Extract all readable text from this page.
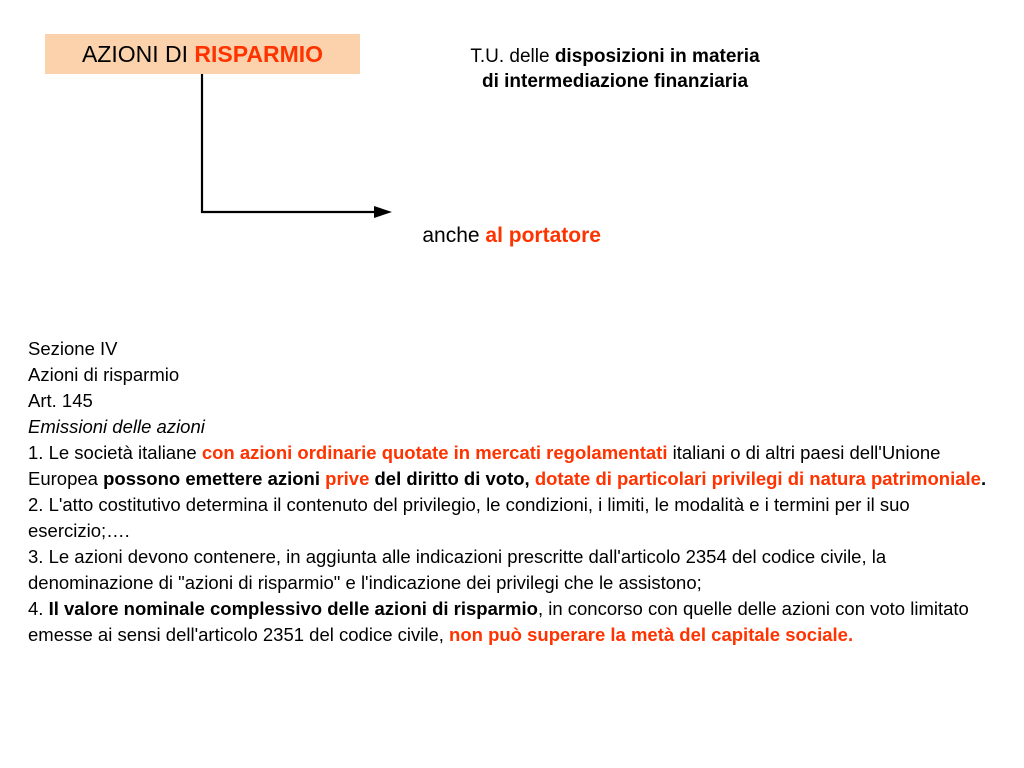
AZIONI DI RISPARMIO	T.U. delle disposizioni in materia
di intermediazione finanziaria

anche al portatore

Sezione IV

Azioni di risparmio

Art. 145

Emissioni delle azioni

1. Le società italiane con azioni ordinarie quotate in mercati regolamentati italiani o di altri paesi dell'Unione Europea possono emettere azioni prive del diritto di voto, dotate di particolari privilegi di natura patrimoniale.

2. L'atto costitutivo determina il contenuto del privilegio, le condizioni, i limiti, le modalità e i termini per il suo esercizio;….

3. Le azioni devono contenere, in aggiunta alle indicazioni prescritte dall'articolo 2354 del codice civile, la denominazione di "azioni di risparmio" e l'indicazione dei privilegi che le assistono;

4. Il valore nominale complessivo delle azioni di risparmio, in concorso con quelle delle azioni con voto limitato emesse ai sensi dell'articolo 2351 del codice civile, non può superare la metà del capitale sociale.
